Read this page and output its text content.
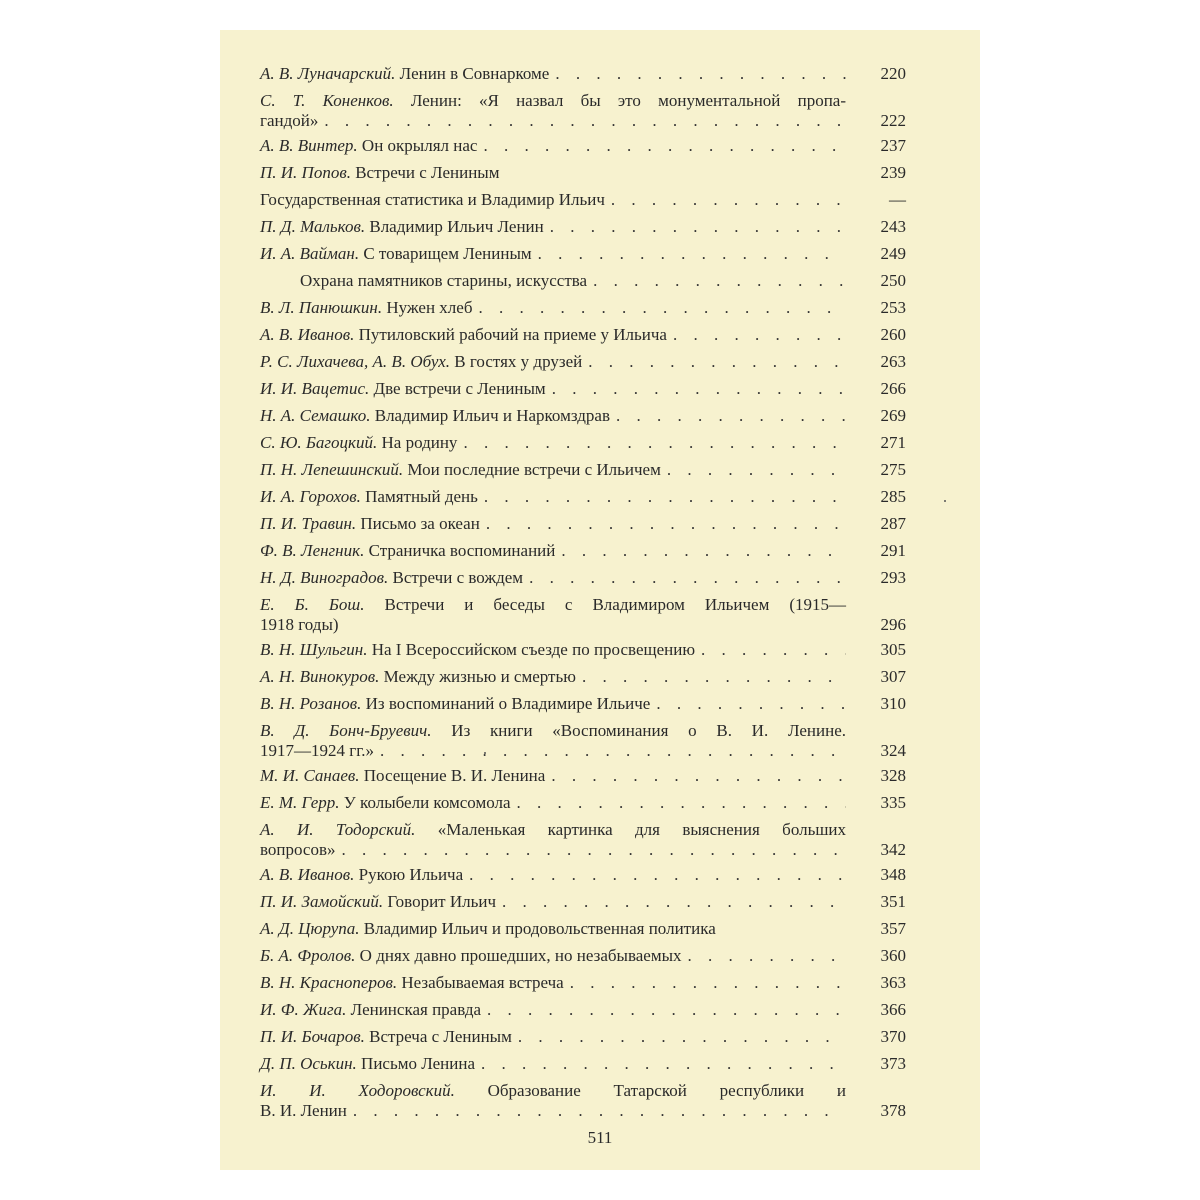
А. В. Луначарский. Ленин в Совнаркоме . . .	220
С. Т. Коненков. Ленин: «Я назвал бы это монументальной пропа-
гандой» . . .	222
А. В. Винтер. Он окрылял нас . . .	237
П. И. Попов. Встречи с Лениным	239
Государственная статистика и Владимир Ильич . . .	—
П. Д. Мальков. Владимир Ильич Ленин . . .	243
И. А. Вайман. С товарищем Лениным . . .	249
Охрана памятников старины, искусства . . .	250
В. Л. Панюшкин. Нужен хлеб . . .	253
А. В. Иванов. Путиловский рабочий на приеме у Ильича . . .	260
Р. С. Лихачева, А. В. Обух. В гостях у друзей . . .	263
И. И. Вацетис. Две встречи с Лениным . . .	266
Н. А. Семашко. Владимир Ильич и Наркомздрав . . .	269
С. Ю. Багоцкий. На родину . . .	271
П. Н. Лепешинский. Мои последние встречи с Ильичем . . .	275
И. А. Горохов. Памятный день . . .	285
П. И. Травин. Письмо за океан . . .	287
Ф. В. Ленгник. Страничка воспоминаний . . .	291
Н. Д. Виноградов. Встречи с вождем . . .	293
Е. Б. Бош. Встречи и беседы с Владимиром Ильичем (1915—
1918 годы)	296
В. Н. Шульгин. На I Всероссийском съезде по просвещению . . .	305
А. Н. Винокуров. Между жизнью и смертью . . .	307
В. Н. Розанов. Из воспоминаний о Владимире Ильиче . . .	310
В. Д. Бонч-Бруевич. Из книги «Воспоминания о В. И. Ленине.
1917—1924 гг.» . . .	324
М. И. Санаев. Посещение В. И. Ленина . . .	328
Е. М. Герр. У колыбели комсомола . . .	335
А. И. Тодорский. «Маленькая картинка для выяснения больших
вопросов» . . .	342
А. В. Иванов. Рукою Ильича . . .	348
П. И. Замойский. Говорит Ильич . . .	351
А. Д. Цюрупа. Владимир Ильич и продовольственная политика	357
Б. А. Фролов. О днях давно прошедших, но незабываемых . . .	360
В. Н. Красноперов. Незабываемая встреча . . .	363
И. Ф. Жига. Ленинская правда . . .	366
П. И. Бочаров. Встреча с Лениным . . .	370
Д. П. Оськин. Письмо Ленина . . .	373
И. И. Ходоровский. Образование Татарской республики и
В. И. Ленин . . .	378
511
